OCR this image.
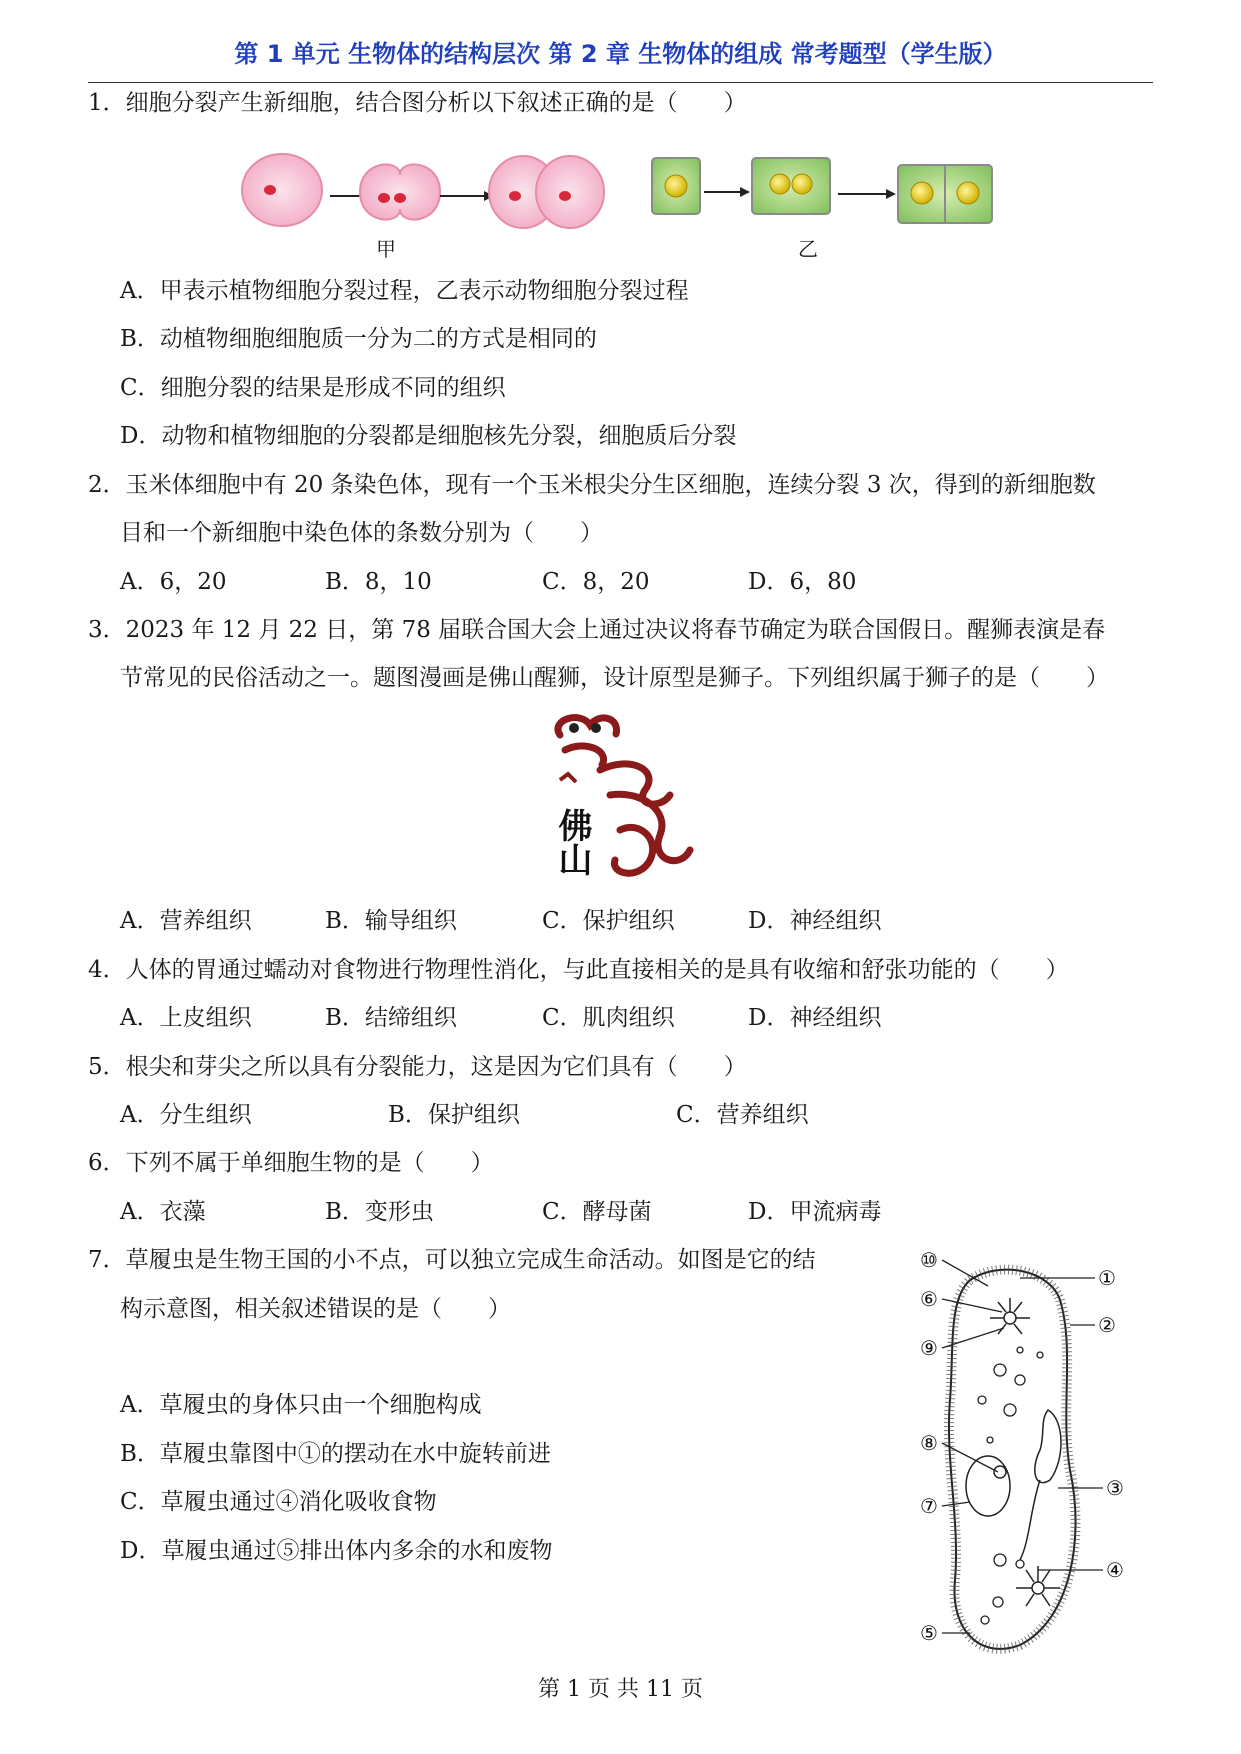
第 1 单元 生物体的结构层次 第 2 章 生物体的组成 常考题型（学生版）
1．细胞分裂产生新细胞，结合图分析以下叙述正确的是（　　）
甲	乙
A．甲表示植物细胞分裂过程，乙表示动物细胞分裂过程
B．动植物细胞细胞质一分为二的方式是相同的
C．细胞分裂的结果是形成不同的组织
D．动物和植物细胞的分裂都是细胞核先分裂，细胞质后分裂
2．玉米体细胞中有 20 条染色体，现有一个玉米根尖分生区细胞，连续分裂 3 次，得到的新细胞数
目和一个新细胞中染色体的条数分别为（　　）
A．6，20	B．8，10	C．8，20	D．6，80
3．2023 年 12 月 22 日，第 78 届联合国大会上通过决议将春节确定为联合国假日。醒狮表演是春
节常见的民俗活动之一。题图漫画是佛山醒狮，设计原型是狮子。下列组织属于狮子的是（　　）
佛山
A．营养组织	B．输导组织	C．保护组织	D．神经组织
4．人体的胃通过蠕动对食物进行物理性消化，与此直接相关的是具有收缩和舒张功能的（　　）
A．上皮组织	B．结缔组织	C．肌肉组织	D．神经组织
5．根尖和芽尖之所以具有分裂能力，这是因为它们具有（　　）
A．分生组织	B．保护组织	C．营养组织
6．下列不属于单细胞生物的是（　　）
A．衣藻	B．变形虫	C．酵母菌	D．甲流病毒
7．草履虫是生物王国的小不点，可以独立完成生命活动。如图是它的结
构示意图，相关叙述错误的是（　　）
A．草履虫的身体只由一个细胞构成
B．草履虫靠图中①的摆动在水中旋转前进
C．草履虫通过④消化吸收食物
D．草履虫通过⑤排出体内多余的水和废物
①
②
③
④
⑤
⑥
⑦
⑧
⑨
⑩
第 1 页 共 11 页
